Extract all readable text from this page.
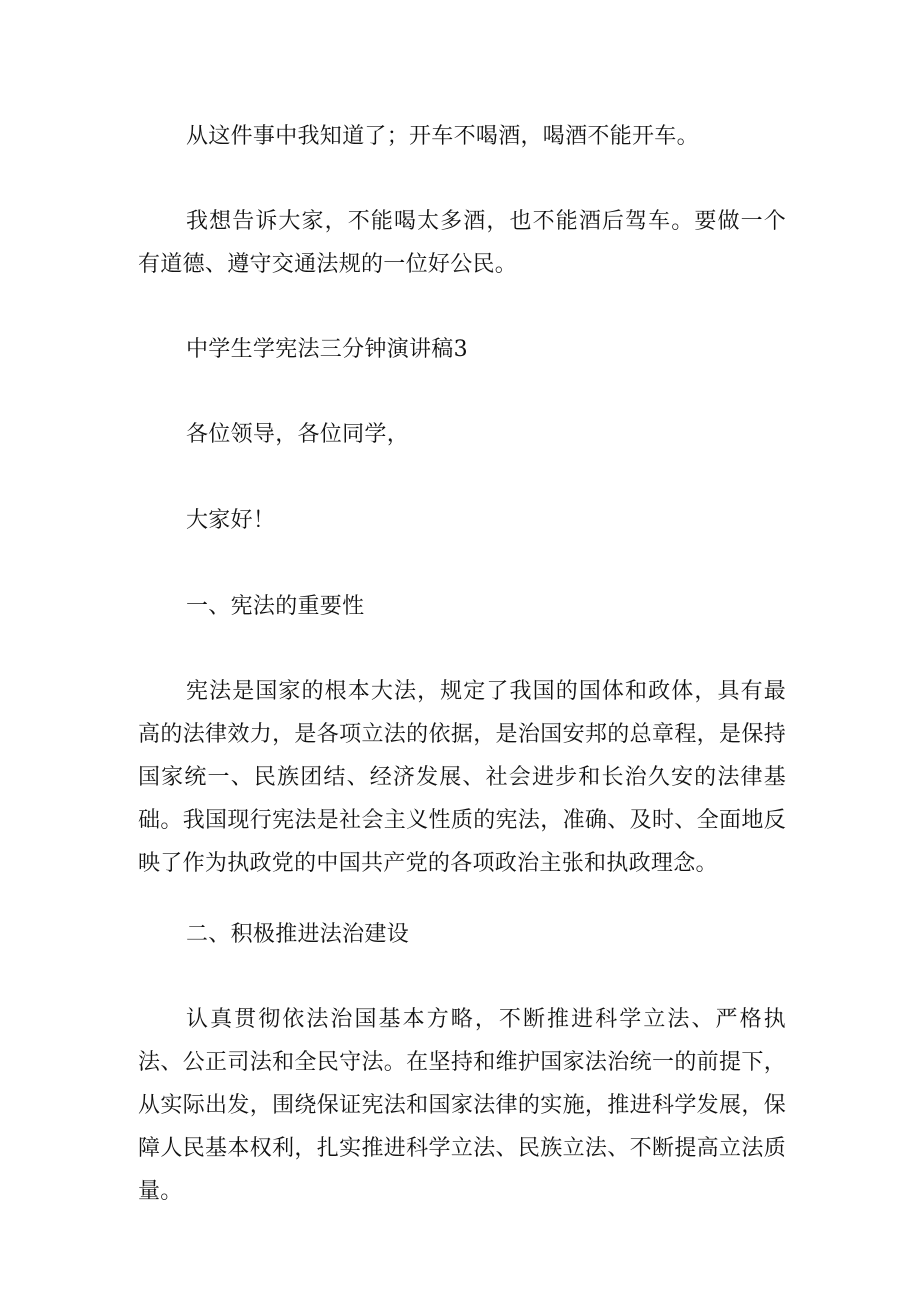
从这件事中我知道了；开车不喝酒，喝酒不能开车。

我想告诉大家，不能喝太多酒，也不能酒后驾车。要做一个有道德、遵守交通法规的一位好公民。

中学生学宪法三分钟演讲稿3

各位领导，各位同学，

大家好！

一、宪法的重要性

宪法是国家的根本大法，规定了我国的国体和政体，具有最高的法律效力，是各项立法的依据，是治国安邦的总章程，是保持国家统一、民族团结、经济发展、社会进步和长治久安的法律基础。我国现行宪法是社会主义性质的宪法，准确、及时、全面地反映了作为执政党的中国共产党的各项政治主张和执政理念。

二、积极推进法治建设

认真贯彻依法治国基本方略，不断推进科学立法、严格执法、公正司法和全民守法。在坚持和维护国家法治统一的前提下，从实际出发，围绕保证宪法和国家法律的实施，推进科学发展，保障人民基本权利，扎实推进科学立法、民族立法、不断提高立法质量。
